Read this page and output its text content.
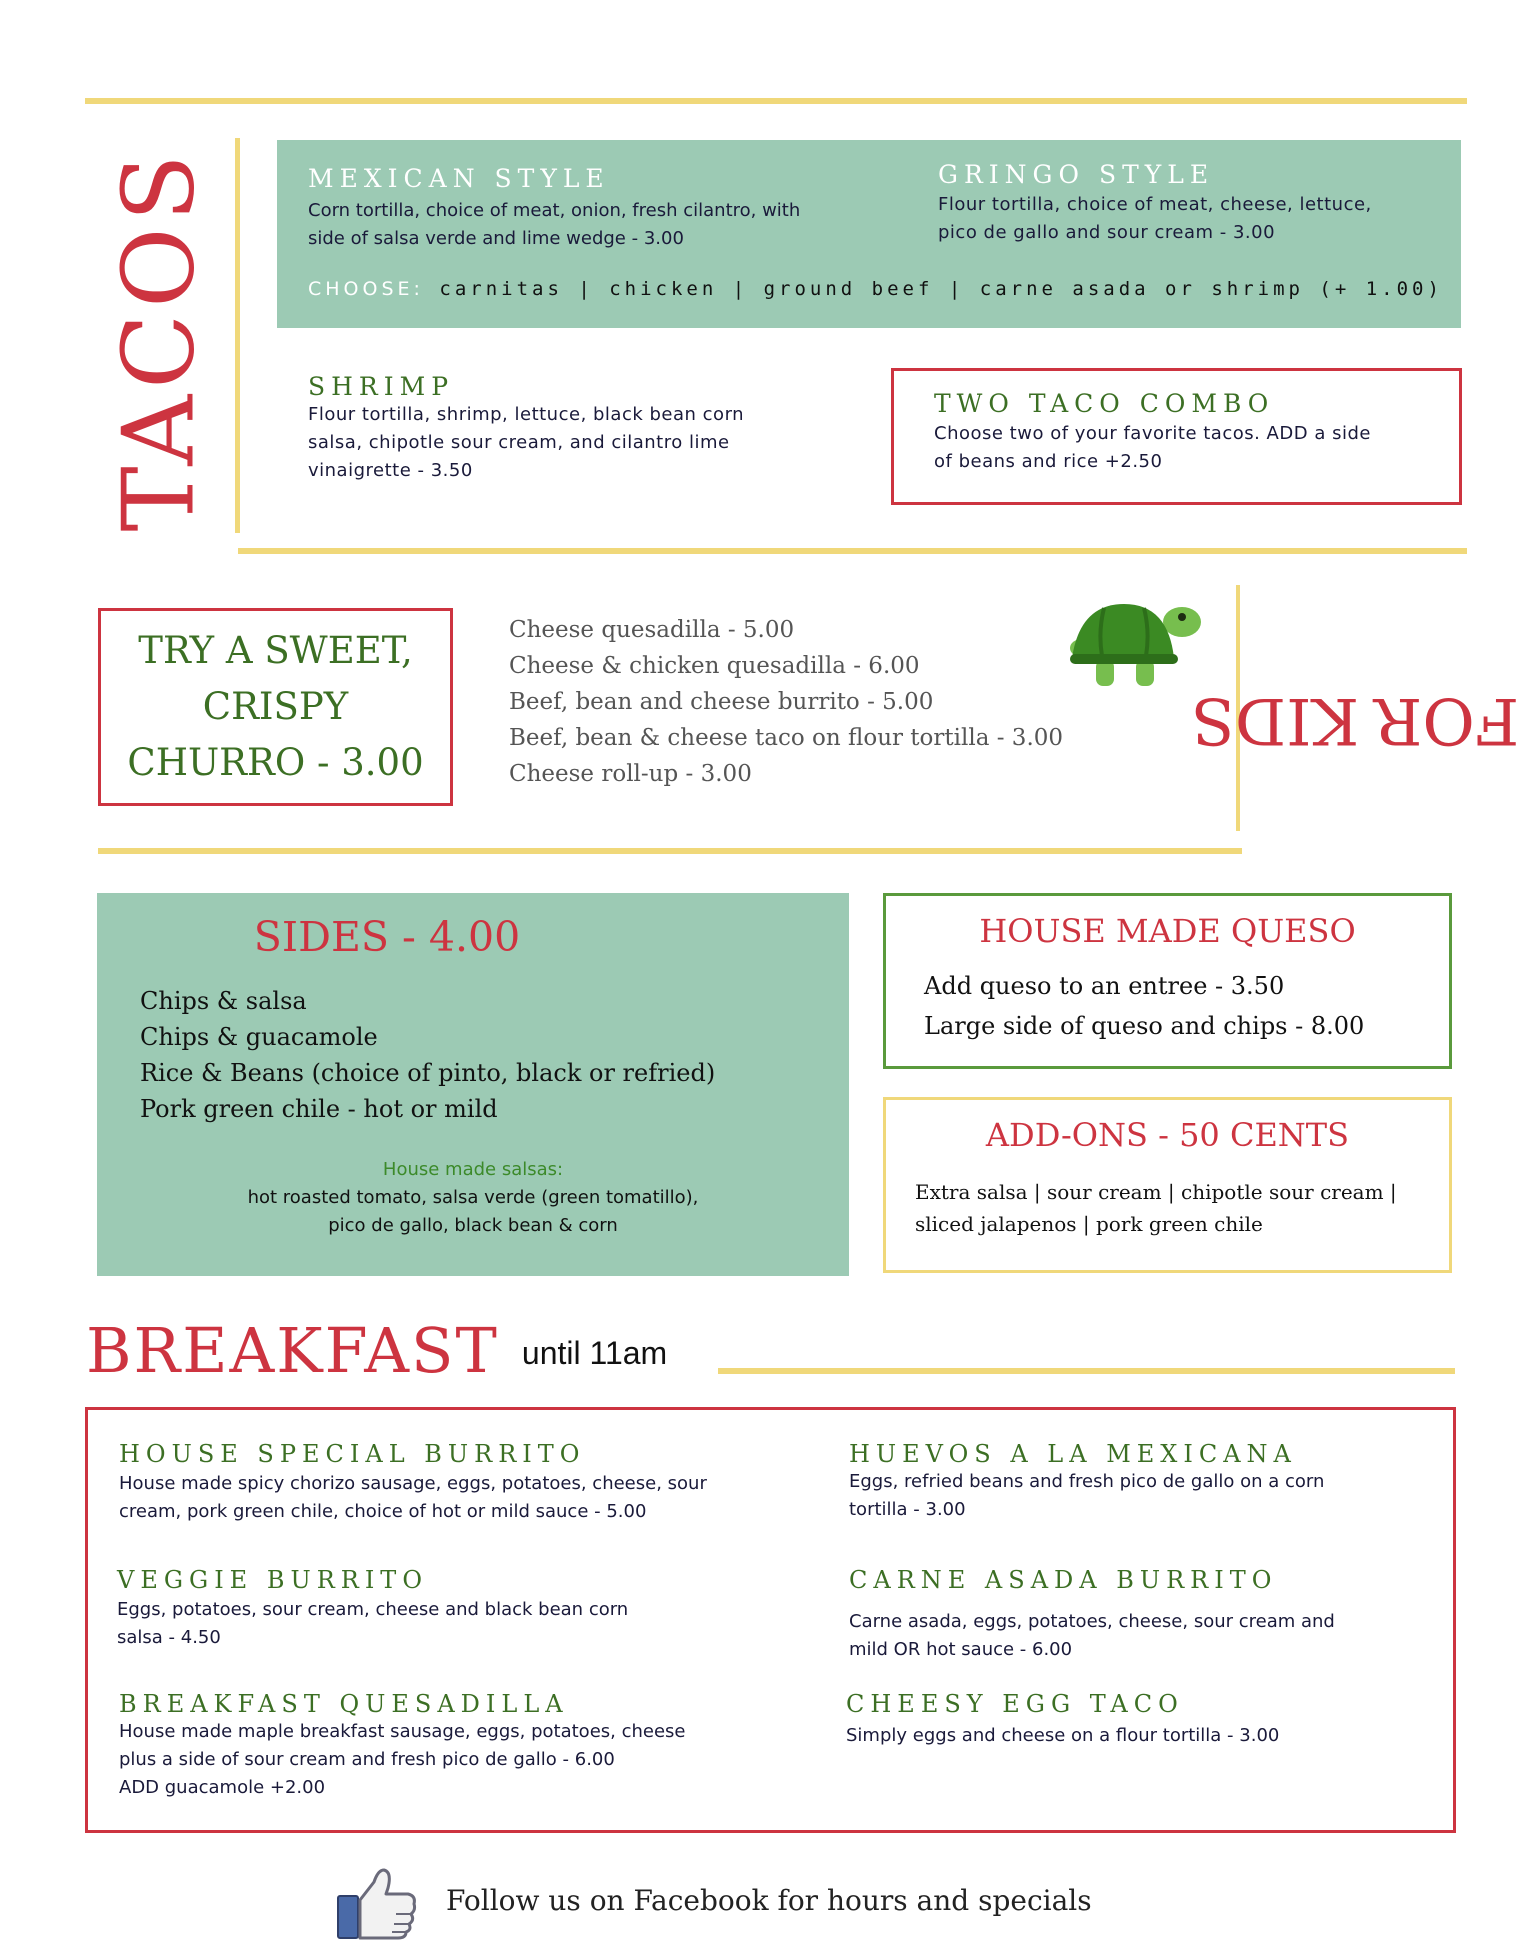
TACOS	MEXICAN STYLE

Corn tortilla, choice of meat, onion, fresh cilantro, with

side of salsa verde and lime wedge - 3.00

GRINGO STYLE

Flour tortilla, choice of meat, cheese, lettuce,

pico de gallo and sour cream - 3.00

CHOOSE: carnitas | chicken | ground beef | carne asada or shrimp (+ 1.00)

SHRIMP

Flour tortilla, shrimp, lettuce, black bean corn

salsa, chipotle sour cream, and cilantro lime

vinaigrette - 3.50

TWO TACO COMBO

Choose two of your favorite tacos. ADD a side

of beans and rice +2.50

TRY A SWEET,
CRISPY
CHURRO - 3.00

Cheese quesadilla - 5.00

Cheese & chicken quesadilla - 6.00

Beef, bean and cheese burrito - 5.00

Beef, bean & cheese taco on flour tortilla - 3.00

Cheese roll-up - 3.00

FOR

KIDS

SIDES - 4.00

Chips & salsa

Chips & guacamole

Rice & Beans (choice of pinto, black or refried)

Pork green chile - hot or mild

House made salsas:
hot roasted tomato, salsa verde (green tomatillo),
pico de gallo, black bean & corn

HOUSE MADE QUESO

Add queso to an entree - 3.50

Large side of queso and chips - 8.00

ADD-ONS - 50 CENTS

Extra salsa | sour cream | chipotle sour cream |
sliced jalapenos | pork green chile
BREAKFAST until 11am

HOUSE SPECIAL BURRITO

House made spicy chorizo sausage, eggs, potatoes, cheese, sour

cream, pork green chile, choice of hot or mild sauce - 5.00

HUEVOS A LA MEXICANA

Eggs, refried beans and fresh pico de gallo on a corn

tortilla - 3.00

VEGGIE BURRITO

Eggs, potatoes, sour cream, cheese and black bean corn

salsa - 4.50

CARNE ASADA BURRITO

Carne asada, eggs, potatoes, cheese, sour cream and

mild OR hot sauce - 6.00

BREAKFAST QUESADILLA

House made maple breakfast sausage, eggs, potatoes, cheese

plus a side of sour cream and fresh pico de gallo - 6.00

ADD guacamole +2.00

CHEESY EGG TACO

Simply eggs and cheese on a flour tortilla - 3.00

Follow us on Facebook for hours and specials
